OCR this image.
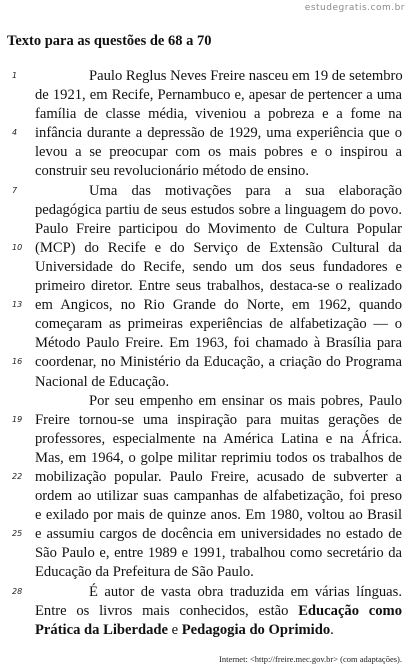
estudegratis.com.br
Texto para as questões de 68 a 70
1	Paulo Reglus Neves Freire nasceu em 19 de setembro
de 1921, em Recife, Pernambuco e, apesar de pertencer a uma
família de classe média, viveniou a pobreza e a fome na
4 infância durante a depressão de 1929, uma experiência que o
levou a se preocupar com os mais pobres e o inspirou a
construir seu revolucionário método de ensino.
7	Uma das motivações para a sua elaboração
pedagógica partiu de seus estudos sobre a linguagem do povo.
Paulo Freire participou do Movimento de Cultura Popular
10 (MCP) do Recife e do Serviço de Extensão Cultural da
Universidade do Recife, sendo um dos seus fundadores e
primeiro diretor. Entre seus trabalhos, destaca-se o realizado
13 em Angicos, no Rio Grande do Norte, em 1962, quando
começaram as primeiras experiências de alfabetização — o
Método Paulo Freire. Em 1963, foi chamado à Brasília para
16 coordenar, no Ministério da Educação, a criação do Programa
Nacional de Educação.
Por seu empenho em ensinar os mais pobres, Paulo
19 Freire tornou-se uma inspiração para muitas gerações de
professores, especialmente na América Latina e na África.
Mas, em 1964, o golpe militar reprimiu todos os trabalhos de
22 mobilização popular. Paulo Freire, acusado de subverter a
ordem ao utilizar suas campanhas de alfabetização, foi preso
e exilado por mais de quinze anos. Em 1980, voltou ao Brasil
25 e assumiu cargos de docência em universidades no estado de
São Paulo e, entre 1989 e 1991, trabalhou como secretário da
Educação da Prefeitura de São Paulo.
28	É autor de vasta obra traduzida em várias línguas.
Entre os livros mais conhecidos, estão Educação como
Prática da Liberdade e Pedagogia do Oprimido.
Internet: <http://freire.mec.gov.br> (com adaptações).
